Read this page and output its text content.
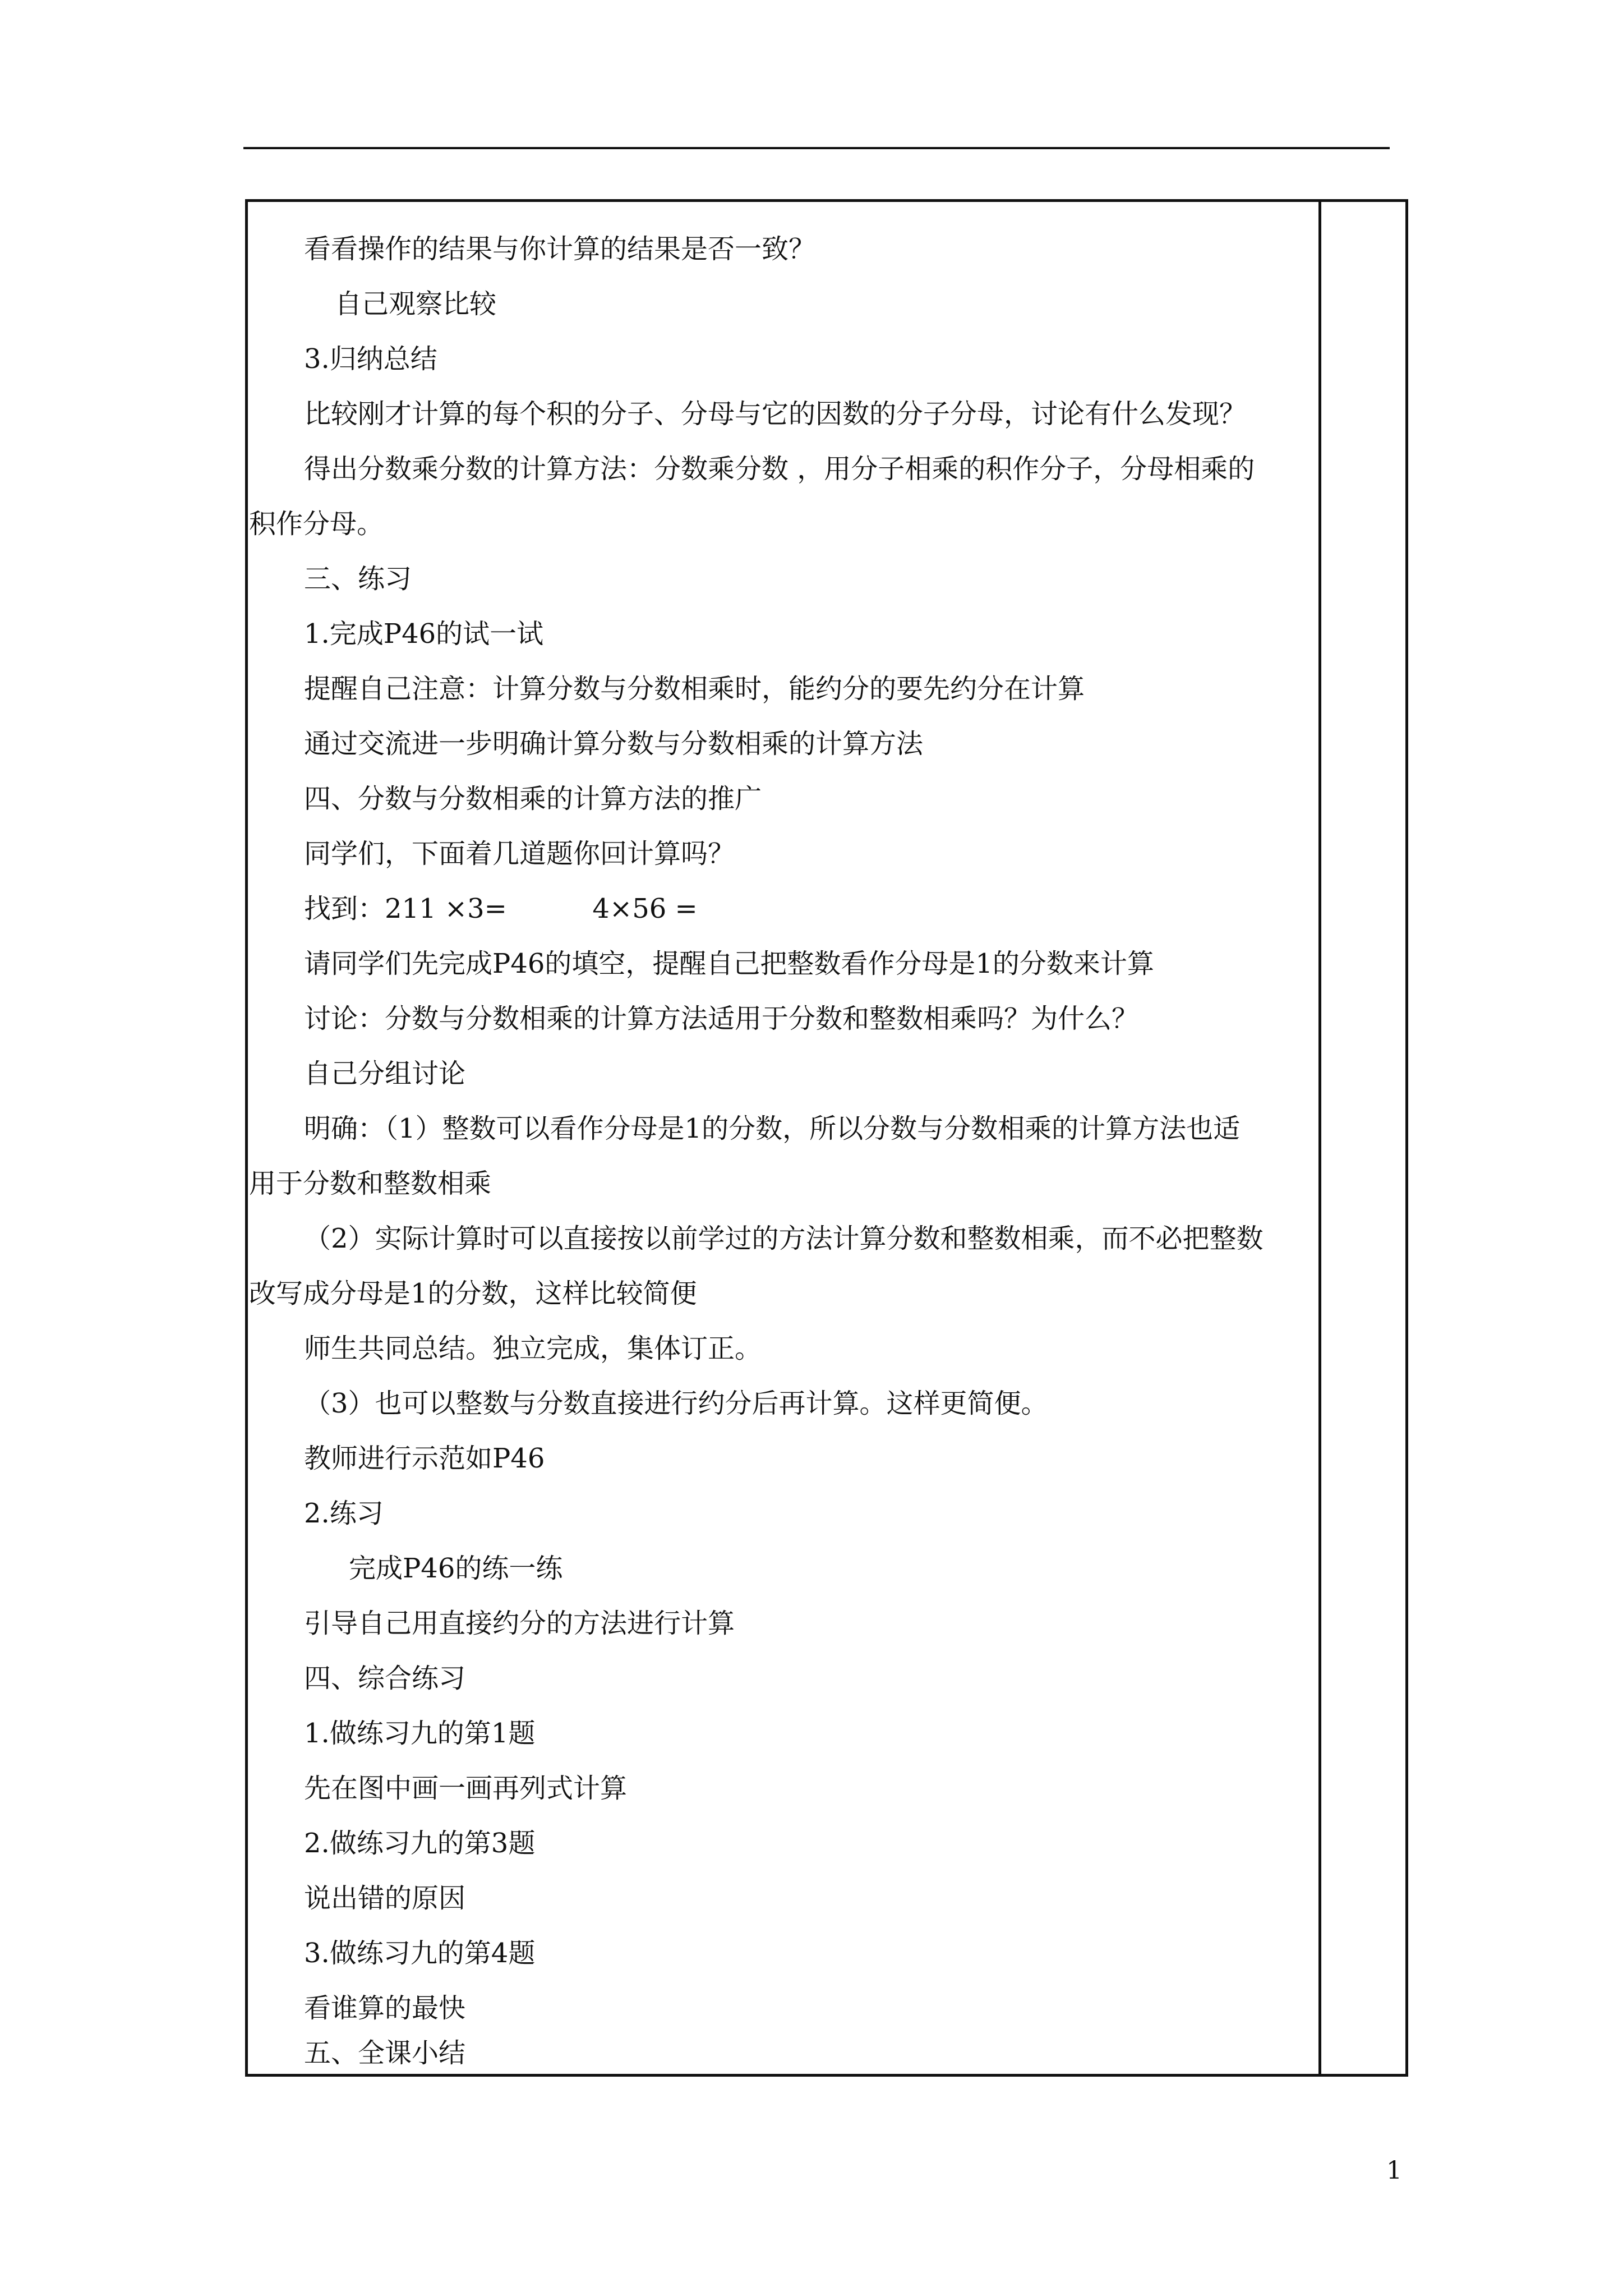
看看操作的结果与你计算的结果是否一致？
自己观察比较
3.归纳总结
比较刚才计算的每个积的分子、分母与它的因数的分子分母，讨论有什么发现？
得出分数乘分数的计算方法：分数乘分数 ，用分子相乘的积作分子，分母相乘的
积作分母。
三、练习
1.完成P46的试一试
提醒自己注意：计算分数与分数相乘时，能约分的要先约分在计算
通过交流进一步明确计算分数与分数相乘的计算方法
四、分数与分数相乘的计算方法的推广
同学们，下面着几道题你回计算吗？
找到：211 ×3=          4×56 =
请同学们先完成P46的填空，提醒自己把整数看作分母是1的分数来计算
讨论：分数与分数相乘的计算方法适用于分数和整数相乘吗？为什么？
自己分组讨论
明确：（1）整数可以看作分母是1的分数，所以分数与分数相乘的计算方法也适
用于分数和整数相乘
（2）实际计算时可以直接按以前学过的方法计算分数和整数相乘，而不必把整数
改写成分母是1的分数，这样比较简便
师生共同总结。独立完成，集体订正。
（3）也可以整数与分数直接进行约分后再计算。这样更简便。
教师进行示范如P46
2.练习
完成P46的练一练
引导自己用直接约分的方法进行计算
四、综合练习
1.做练习九的第1题
先在图中画一画再列式计算
2.做练习九的第3题
说出错的原因
3.做练习九的第4题
看谁算的最快
五、全课小结
1
